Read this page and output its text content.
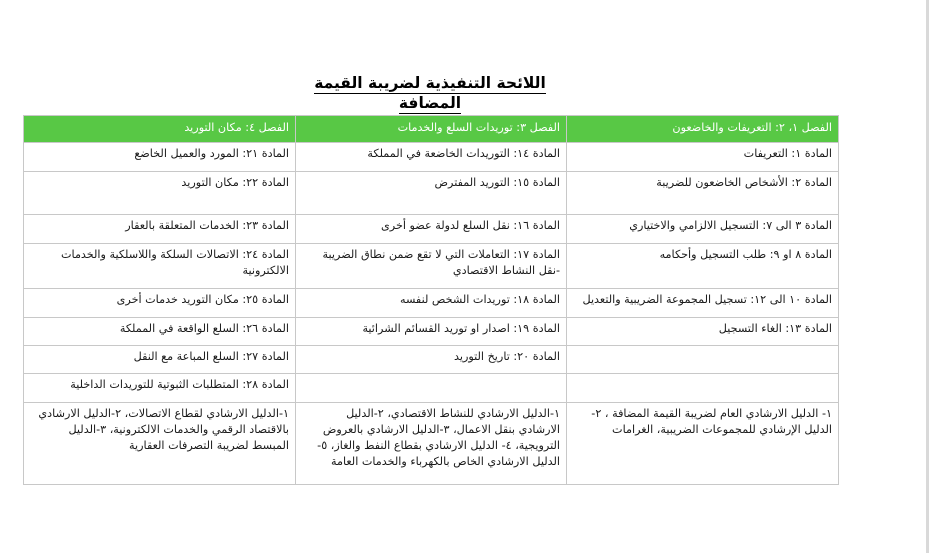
اللائحة التنفيذية لضريبة القيمة المضافة
الفصل ١، ٢: التعريفات والخاضعون	الفصل ٣: توريدات السلع والخدمات	الفصل ٤: مكان التوريد
المادة ١: التعريفات	المادة ١٤: التوريدات الخاضعة في المملكة	المادة ٢١: المورد والعميل الخاضع
المادة ٢: الأشخاص الخاضعون للضريبة	المادة ١٥: التوريد المفترض	المادة ٢٢: مكان التوريد
المادة ٣ الى ٧: التسجيل الالزامي والاختياري	المادة ١٦: نقل السلع لدولة عضو أخرى	المادة ٢٣: الخدمات المتعلقة بالعقار
المادة ٨ او ٩: طلب التسجيل وأحكامه	المادة ١٧: التعاملات التي لا تقع ضمن نطاق الضريبة -نقل النشاط الاقتصادي	المادة ٢٤: الاتصالات السلكة واللاسلكية والخدمات الالكترونية
المادة ١٠ الى ١٢: تسجيل المجموعة الضريبية والتعديل	المادة ١٨: توريدات الشخص لنفسه	المادة ٢٥: مكان التوريد خدمات أخرى
المادة ١٣: الغاء التسجيل	المادة ١٩: اصدار او توريد القسائم الشرائية	المادة ٢٦: السلع الواقعة في المملكة
	المادة ٢٠: تاريخ التوريد	المادة ٢٧: السلع المباعة مع النقل
		المادة ٢٨: المتطلبات الثبوتية للتوريدات الداخلية
١- الدليل الارشادي العام لضريبة القيمة المضافة ، ٢-الدليل الإرشادي للمجموعات الضريبية، الغرامات	١-الدليل الارشادي للنشاط الاقتصادي، ٢-الدليل الارشادي بنقل الاعمال، ٣-الدليل الارشادي بالعروض الترويجية، ٤- الدليل الارشادي بقطاع النفط والغاز، ٥-الدليل الارشادي الخاص بالكهرباء والخدمات العامة	١-الدليل الارشادي لقطاع الاتصالات، ٢-الدليل الارشادي بالاقتصاد الرقمي والخدمات الالكترونية، ٣-الدليل المبسط لضريبة التصرفات العقارية
